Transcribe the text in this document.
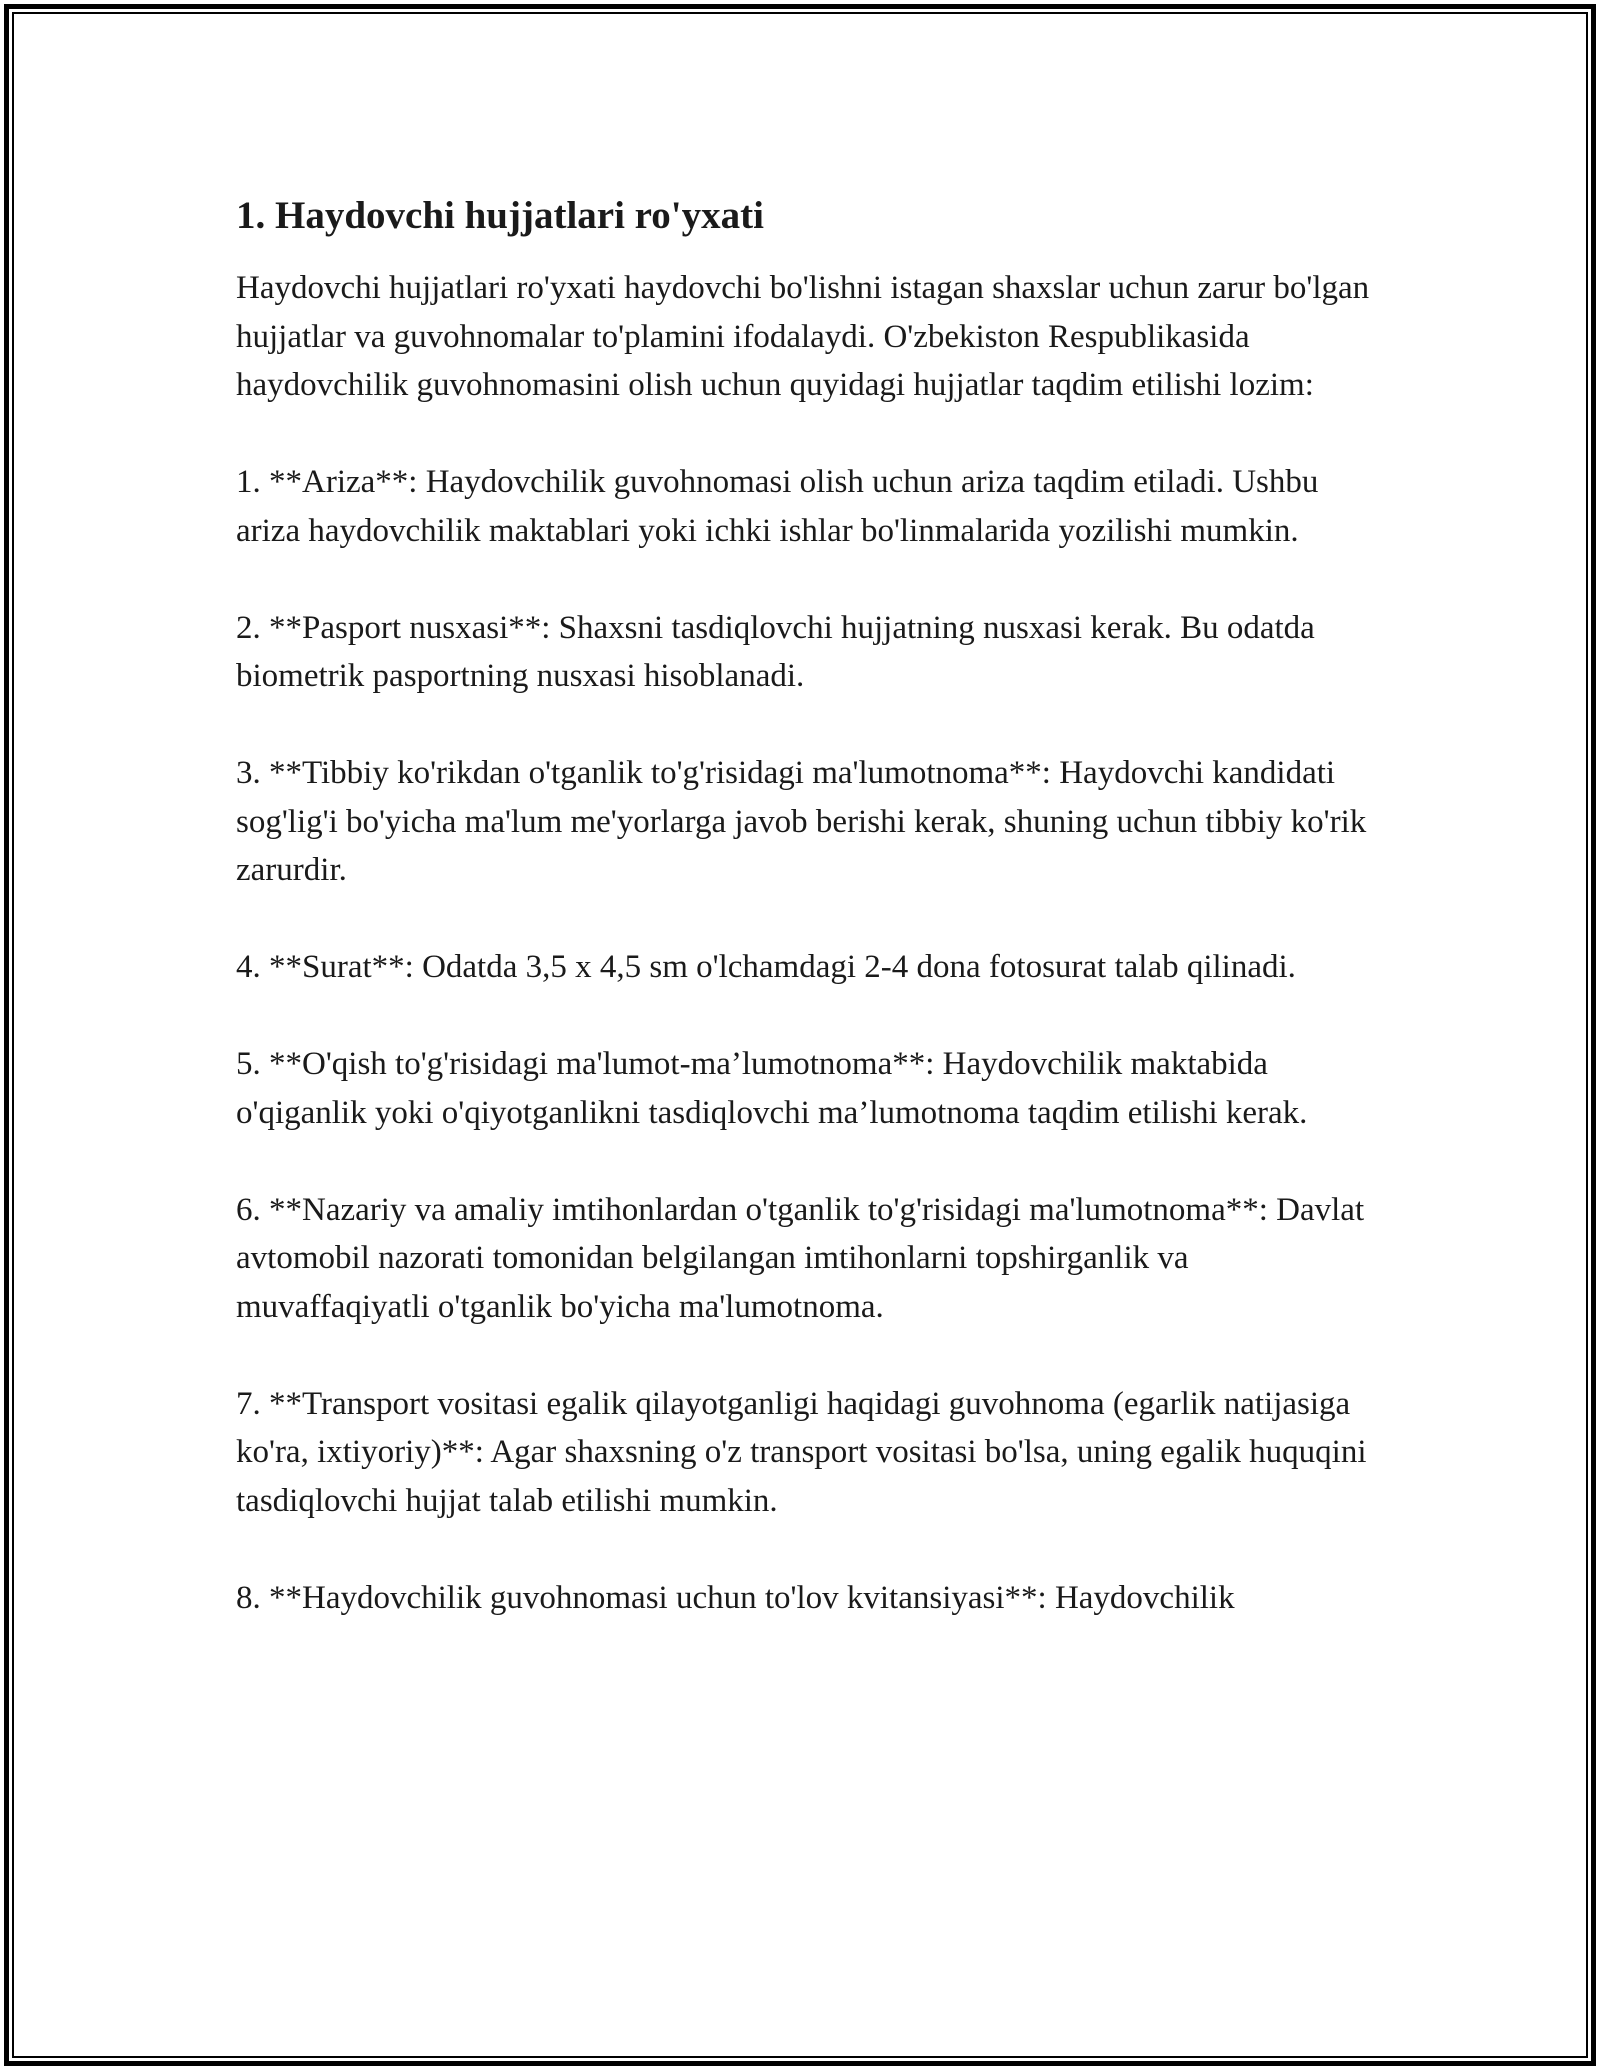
1. Haydovchi hujjatlari ro'yxati

Haydovchi hujjatlari ro'yxati haydovchi bo'lishni istagan shaxslar uchun zarur bo'lgan hujjatlar va guvohnomalar to'plamini ifodalaydi. O'zbekiston Respublikasida haydovchilik guvohnomasini olish uchun quyidagi hujjatlar taqdim etilishi lozim:

1. **Ariza**: Haydovchilik guvohnomasi olish uchun ariza taqdim etiladi. Ushbu ariza haydovchilik maktablari yoki ichki ishlar bo'linmalarida yozilishi mumkin.

2. **Pasport nusxasi**: Shaxsni tasdiqlovchi hujjatning nusxasi kerak. Bu odatda biometrik pasportning nusxasi hisoblanadi.

3. **Tibbiy ko'rikdan o'tganlik to'g'risidagi ma'lumotnoma**: Haydovchi kandidati sog'lig'i bo'yicha ma'lum me'yorlarga javob berishi kerak, shuning uchun tibbiy ko'rik zarurdir.

4. **Surat**: Odatda 3,5 x 4,5 sm o'lchamdagi 2-4 dona fotosurat talab qilinadi.

5. **O'qish to'g'risidagi ma'lumot-ma’lumotnoma**: Haydovchilik maktabida o'qiganlik yoki o'qiyotganlikni tasdiqlovchi ma’lumotnoma taqdim etilishi kerak.

6. **Nazariy va amaliy imtihonlardan o'tganlik to'g'risidagi ma'lumotnoma**: Davlat avtomobil nazorati tomonidan belgilangan imtihonlarni topshirganlik va muvaffaqiyatli o'tganlik bo'yicha ma'lumotnoma.

7. **Transport vositasi egalik qilayotganligi haqidagi guvohnoma (egarlik natijasiga ko'ra, ixtiyoriy)**: Agar shaxsning o'z transport vositasi bo'lsa, uning egalik huquqini tasdiqlovchi hujjat talab etilishi mumkin.

8. **Haydovchilik guvohnomasi uchun to'lov kvitansiyasi**: Haydovchilik
